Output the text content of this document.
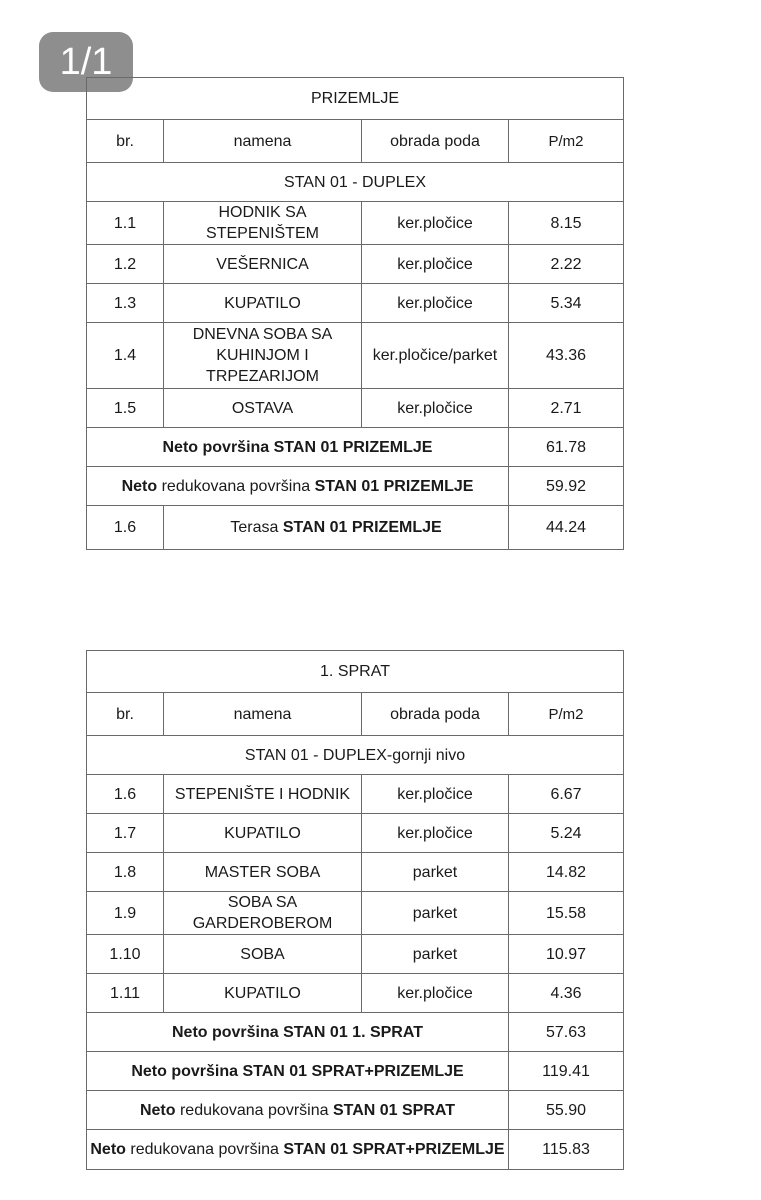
1/1
PRIZEMLJE			
br.	namena	obrada poda	P/m2
STAN 01 - DUPLEX			
1.1	HODNIK SA STEPENIŠTEM	ker.pločice	8.15
1.2	VEŠERNICA	ker.pločice	2.22
1.3	KUPATILO	ker.pločice	5.34
1.4	DNEVNA SOBA SA KUHINJOM I TRPEZARIJOM	ker.pločice/parket	43.36
1.5	OSTAVA	ker.pločice	2.71
Neto površina STAN 01 PRIZEMLJE			61.78
Neto redukovana površina STAN 01 PRIZEMLJE			59.92
1.6	Terasa STAN 01 PRIZEMLJE		44.24
1. SPRAT			
br.	namena	obrada poda	P/m2
STAN 01 - DUPLEX-gornji nivo			
1.6	STEPENIŠTE I HODNIK	ker.pločice	6.67
1.7	KUPATILO	ker.pločice	5.24
1.8	MASTER SOBA	parket	14.82
1.9	SOBA SA GARDEROBEROM	parket	15.58
1.10	SOBA	parket	10.97
1.11	KUPATILO	ker.pločice	4.36
Neto površina STAN 01 1. SPRAT			57.63
Neto površina STAN 01 SPRAT+PRIZEMLJE			119.41
Neto redukovana površina STAN 01 SPRAT			55.90
Neto redukovana površina STAN 01 SPRAT+PRIZEMLJE			115.83
